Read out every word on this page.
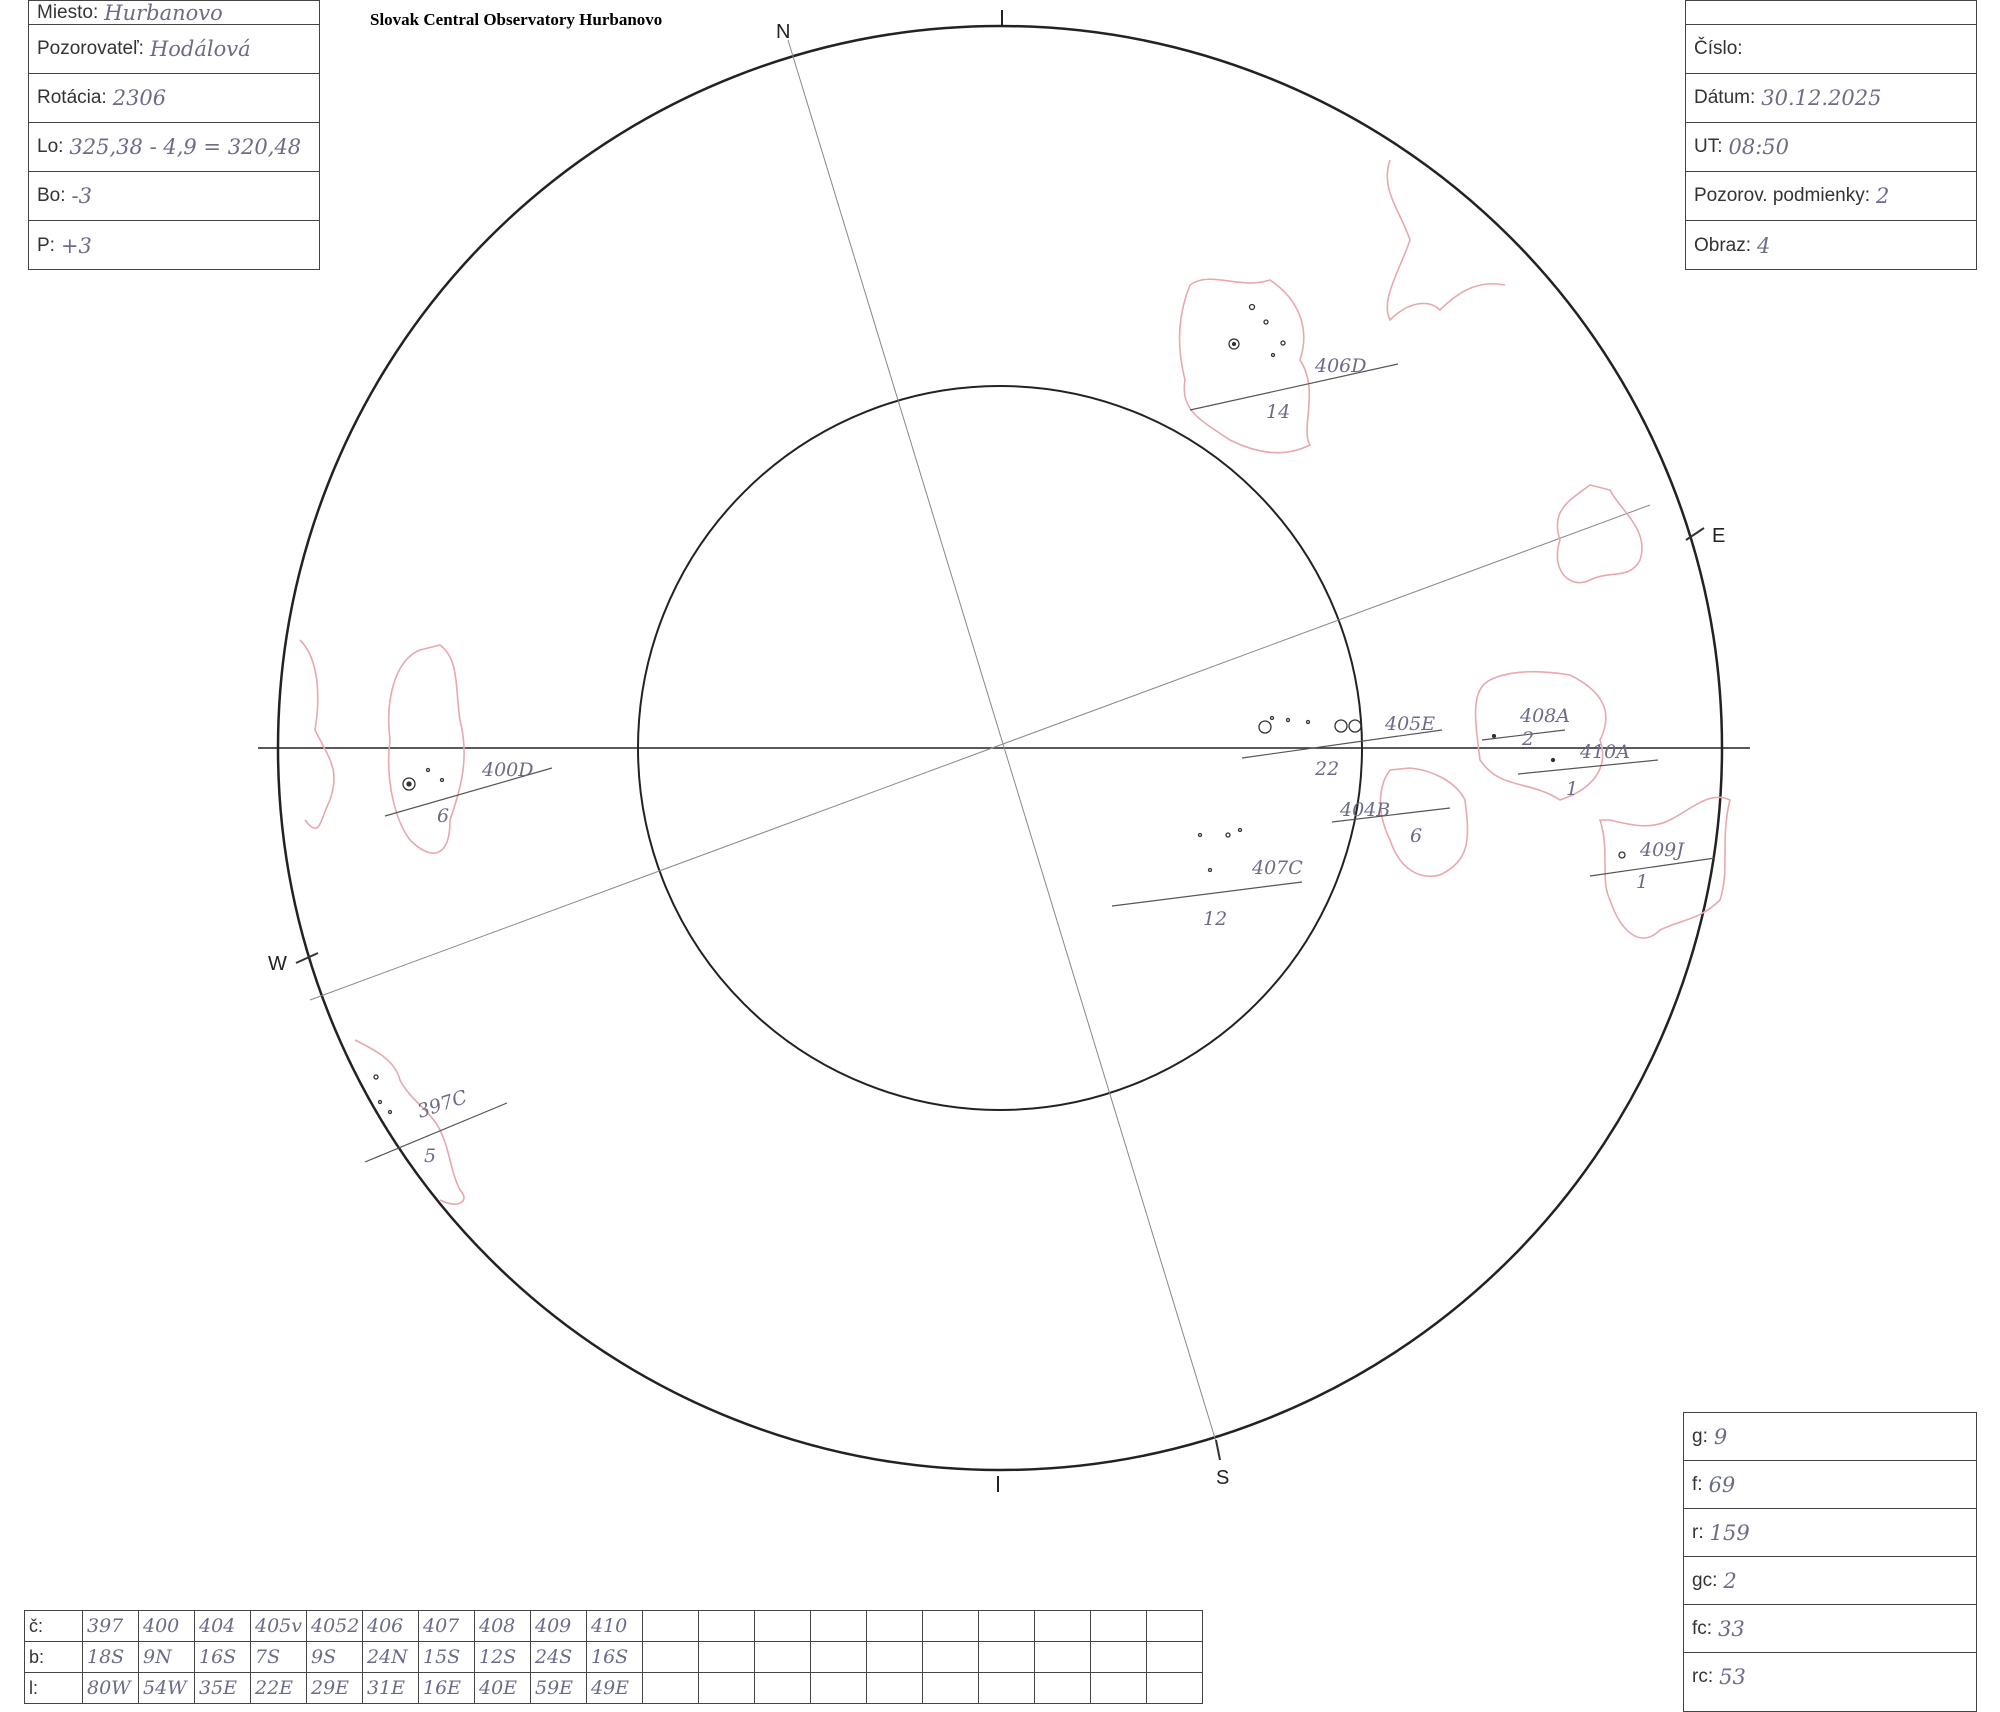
Slovak Central Observatory Hurbanovo
Miesto: Hurbanovo
Pozorovateľ: Hodálová
Rotácia: 2306
Lo: 325,38 - 4,9 = 320,48
Bo: -3
P: +3
Číslo:
Dátum: 30.12.2025
UT: 08:50
Pozorov. podmienky: 2
Obraz: 4
N
S
E
W
406D
14
400D
6
405E
22
408A
2
410A
1
404B
6
409J
1
407C
12
397C
5
g: 9
f: 69
r: 159
gc: 2
fc: 33
rc: 53
č:	397	400	404	405v	4052	406	407	408	409	410										
b:	18S	9N	16S	7S	9S	24N	15S	12S	24S	16S										
l:	80W	54W	35E	22E	29E	31E	16E	40E	59E	49E										
